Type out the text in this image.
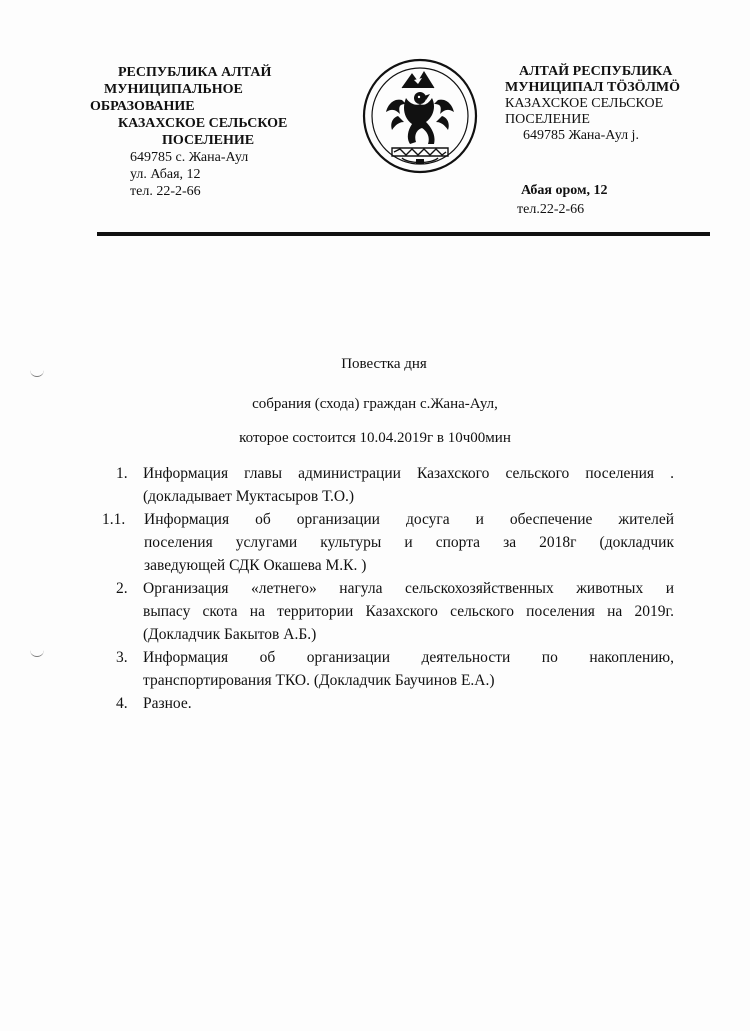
РЕСПУБЛИКА АЛТАЙ
МУНИЦИПАЛЬНОЕ
ОБРАЗОВАНИЕ
КАЗАХСКОЕ СЕЛЬСКОЕ
ПОСЕЛЕНИЕ
649785 с. Жана-Аул
ул. Абая, 12
тел. 22-2-66
АЛТАЙ РЕСПУБЛИКА
МУНИЦИПАЛ ТӦЗӦЛМӦ
КАЗАХСКОЕ СЕЛЬСКОЕ
ПОСЕЛЕНИЕ
649785 Жана-Аул ј.
Абая ором, 12
тел.22-2-66
Повестка дня
собрания (схода) граждан с.Жана-Аул,
которое состоится 10.04.2019г в 10ч00мин
1. Информация главы администрации Казахского сельского поселения .
(докладывает Муктасыров Т.О.)
1.1. Информация об организации досуга и обеспечение жителей
поселения услугами культуры и спорта за 2018г (докладчик
заведующей СДК Окашева М.К. )
2. Организация «летнего» нагула сельскохозяйственных животных и
выпасу скота на территории Казахского сельского поселения на 2019г.
(Докладчик Бакытов А.Б.)
3. Информация об организации деятельности по накоплению,
транспортирования ТКО. (Докладчик Баучинов Е.А.)
4. Разное.
